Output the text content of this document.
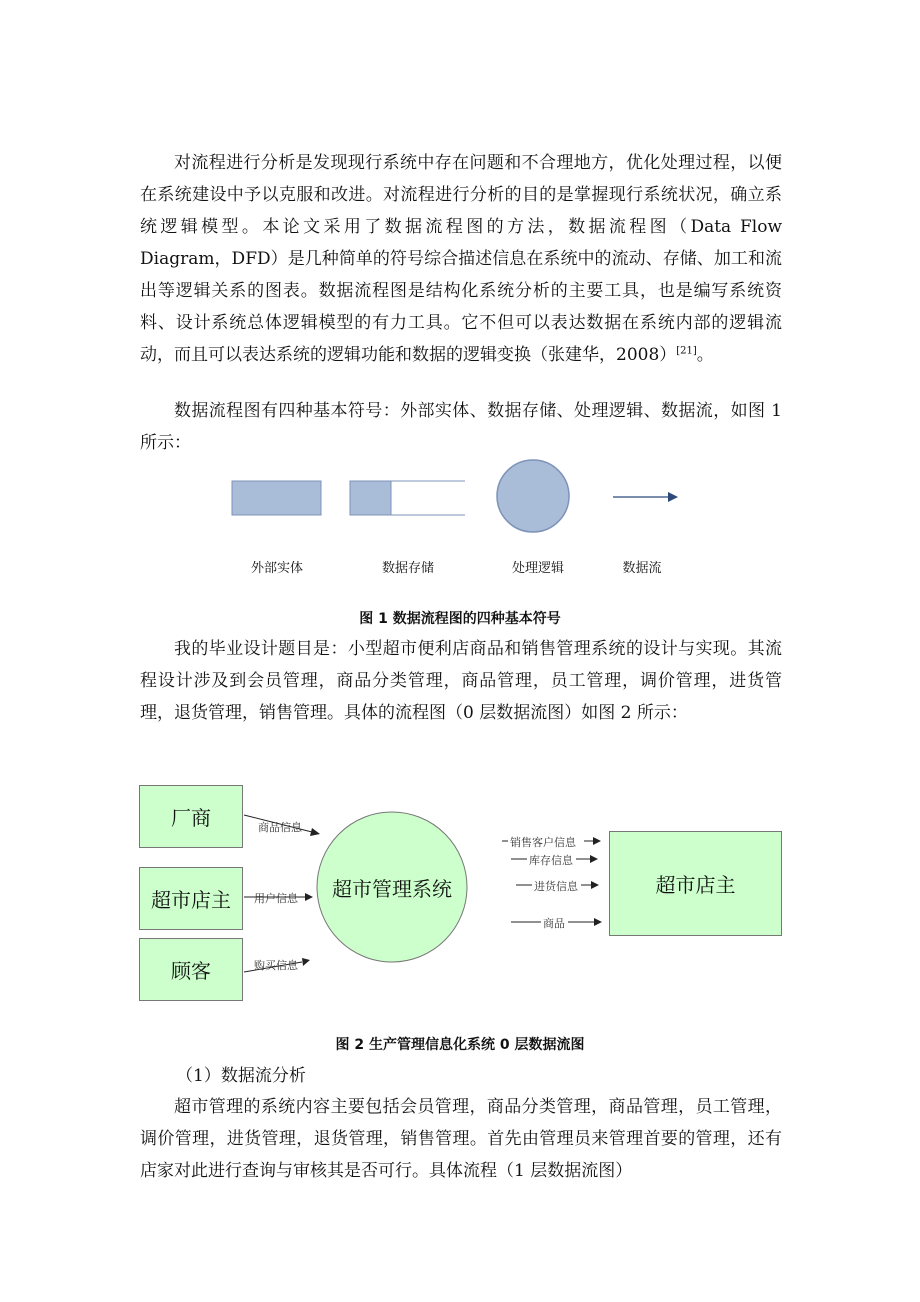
对流程进行分析是发现现行系统中存在问题和不合理地方，优化处理过程，以便在系统建设中予以克服和改进。对流程进行分析的目的是掌握现行系统状况，确立系统逻辑模型。本论文采用了数据流程图的方法，数据流程图（Data Flow Diagram，DFD）是几种简单的符号综合描述信息在系统中的流动、存储、加工和流出等逻辑关系的图表。数据流程图是结构化系统分析的主要工具，也是编写系统资料、设计系统总体逻辑模型的有力工具。它不但可以表达数据在系统内部的逻辑流动，而且可以表达系统的逻辑功能和数据的逻辑变换（张建华，2008）[21]。

数据流程图有四种基本符号：外部实体、数据存储、处理逻辑、数据流，如图 1 所示：

外部实体	数据存储	处理逻辑	数据流
图 1 数据流程图的四种基本符号

我的毕业设计题目是：小型超市便利店商品和销售管理系统的设计与实现。其流程设计涉及到会员管理，商品分类管理，商品管理，员工管理，调价管理，进货管理，退货管理，销售管理。具体的流程图（0 层数据流图）如图 2 所示：

厂商
超市店主
顾客
超市管理系统	超市店主
商品信息
用户信息
购买信息
销售客户信息
库存信息
进货信息
商品
图 2 生产管理信息化系统 0 层数据流图

（1）数据流分析

超市管理的系统内容主要包括会员管理，商品分类管理，商品管理，员工管理，调价管理，进货管理，退货管理，销售管理。首先由管理员来管理首要的管理，还有店家对此进行查询与审核其是否可行。具体流程（1 层数据流图）
